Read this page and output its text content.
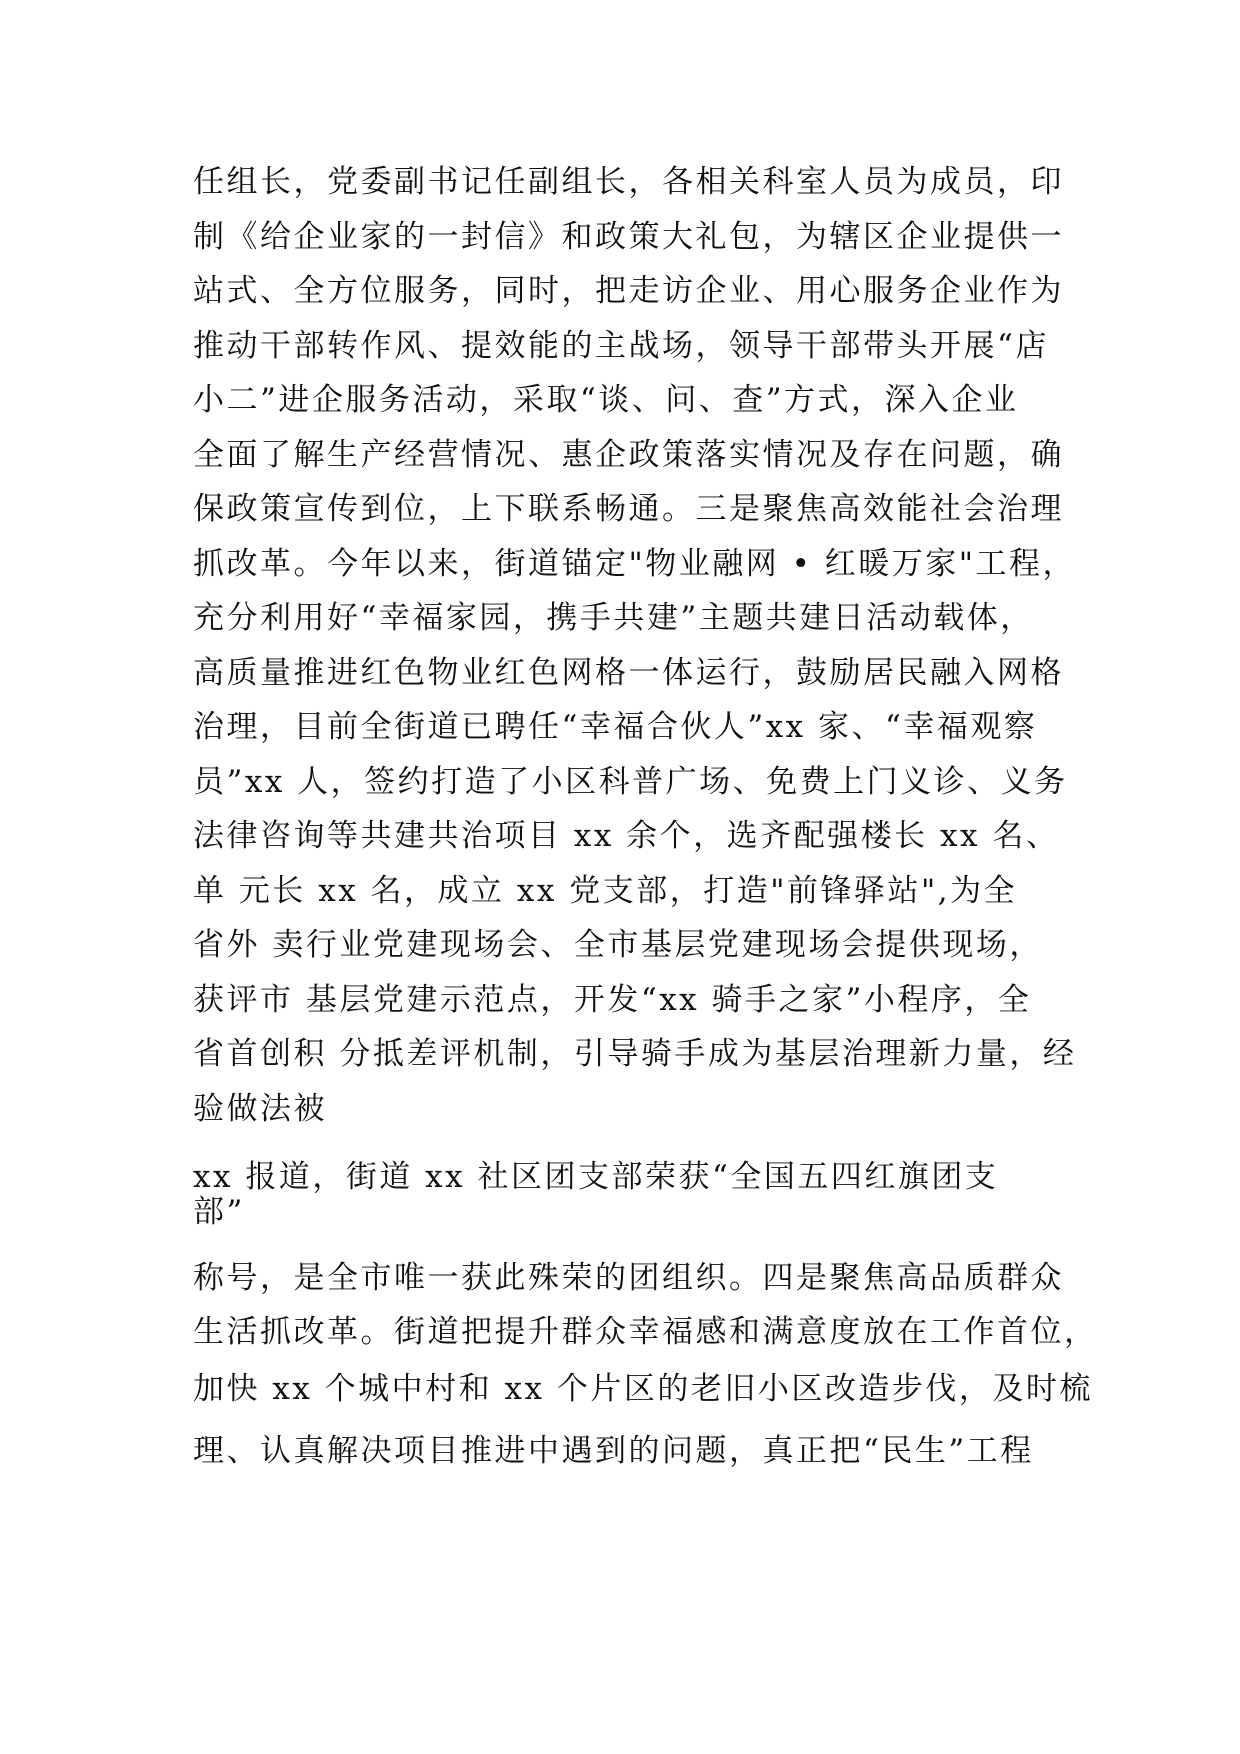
任组长，党委副书记任副组长，各相关科室人员为成员，印
制《给企业家的一封信》和政策大礼包，为辖区企业提供一
站式、全方位服务，同时，把走访企业、用心服务企业作为
推动干部转作风、提效能的主战场，领导干部带头开展“店
小二”进企服务活动，采取“谈、问、查”方式，深入企业
全面了解生产经营情况、惠企政策落实情况及存在问题，确
保政策宣传到位，上下联系畅通。三是聚焦高效能社会治理
抓改革。今年以来，街道锚定"物业融网 • 红暖万家"工程，
充分利用好“幸福家园，携手共建”主题共建日活动载体，
高质量推进红色物业红色网格一体运行，鼓励居民融入网格
治理，目前全街道已聘任“幸福合伙人”xx 家、“幸福观察
员”xx 人，签约打造了小区科普广场、免费上门义诊、义务
法律咨询等共建共治项目 xx 余个，选齐配强楼长 xx 名、
单 元长 xx 名，成立 xx 党支部，打造"前锋驿站",为全
省外 卖行业党建现场会、全市基层党建现场会提供现场，
获评市 基层党建示范点，开发“xx 骑手之家”小程序，全
省首创积 分抵差评机制，引导骑手成为基层治理新力量，经
验做法被
xx 报道，街道 xx 社区团支部荣获“全国五四红旗团支
部”
称号，是全市唯一获此殊荣的团组织。四是聚焦高品质群众
生活抓改革。街道把提升群众幸福感和满意度放在工作首位，
加快 xx 个城中村和 xx 个片区的老旧小区改造步伐，及时梳
理、认真解决项目推进中遇到的问题，真正把“民生”工程
